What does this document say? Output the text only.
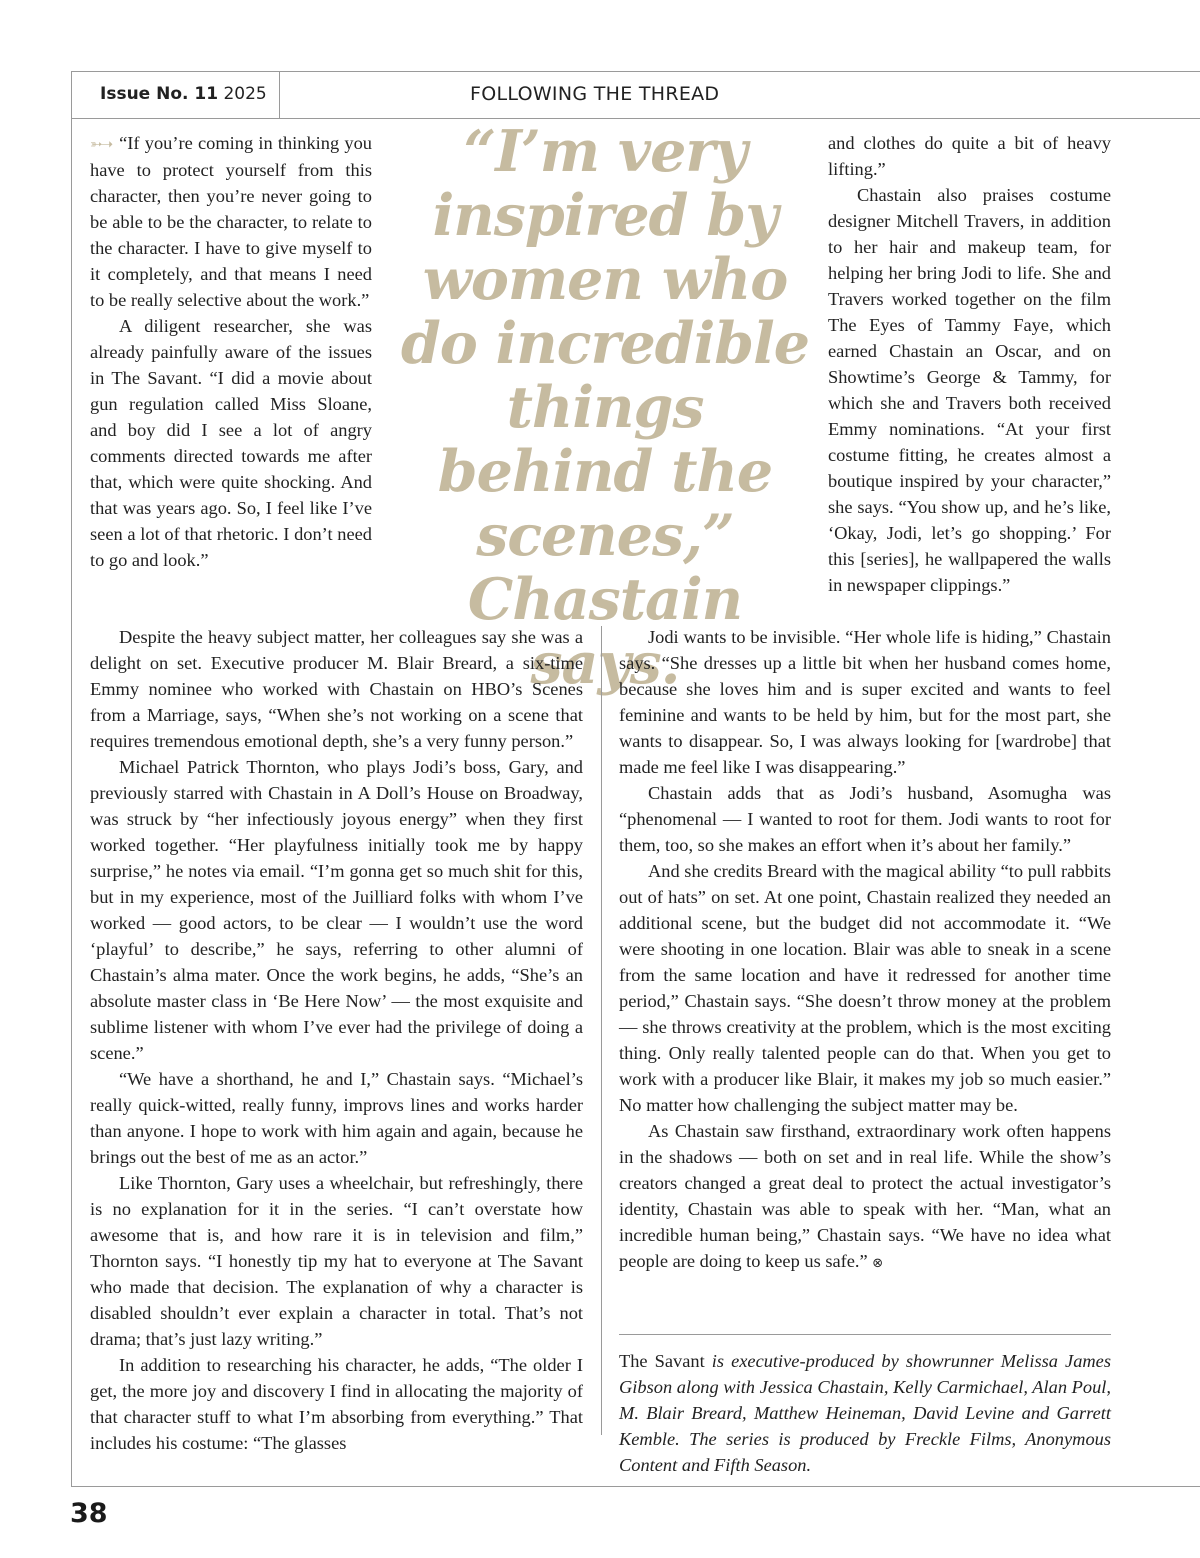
Issue No. 11 2025	FOLLOWING THE THREAD
“I’m very inspired by women who do incredible things behind the scenes,” Chastain says.

➳➝ “If you’re coming in thinking you have to protect yourself from this character, then you’re never going to be able to be the character, to relate to the character. I have to give myself to it completely, and that means I need to be really selective about the work.”

A diligent researcher, she was already painfully aware of the issues in The Savant. “I did a movie about gun regulation called Miss Sloane, and boy did I see a lot of angry comments directed towards me after that, which were quite shocking. And that was years ago. So, I feel like I’ve seen a lot of that rhetoric. I don’t need to go and look.”

and clothes do quite a bit of heavy lifting.”

Chastain also praises costume designer Mitchell Travers, in addition to her hair and makeup team, for helping her bring Jodi to life. She and Travers worked together on the film The Eyes of Tammy Faye, which earned Chastain an Oscar, and on Showtime’s George & Tammy, for which she and Travers both received Emmy nominations. “At your first costume fitting, he creates almost a boutique inspired by your character,” she says. “You show up, and he’s like, ‘Okay, Jodi, let’s go shopping.’ For this [series], he wallpapered the walls in newspaper clippings.”

Despite the heavy subject matter, her colleagues say she was a delight on set. Executive producer M. Blair Breard, a six-time Emmy nominee who worked with Chastain on HBO’s Scenes from a Marriage, says, “When she’s not working on a scene that requires tremendous emotional depth, she’s a very funny person.”

Michael Patrick Thornton, who plays Jodi’s boss, Gary, and previously starred with Chastain in A Doll’s House on Broadway, was struck by “her infectiously joyous energy” when they first worked together. “Her playfulness initially took me by happy surprise,” he notes via email. “I’m gonna get so much shit for this, but in my experience, most of the Juilliard folks with whom I’ve worked — good actors, to be clear — I wouldn’t use the word ‘playful’ to describe,” he says, referring to other alumni of Chastain’s alma mater. Once the work begins, he adds, “She’s an absolute master class in ‘Be Here Now’ — the most exquisite and sublime listener with whom I’ve ever had the privilege of doing a scene.”

“We have a shorthand, he and I,” Chastain says. “Michael’s really quick-witted, really funny, improvs lines and works harder than anyone. I hope to work with him again and again, because he brings out the best of me as an actor.”

Like Thornton, Gary uses a wheelchair, but refreshingly, there is no explanation for it in the series. “I can’t overstate how awesome that is, and how rare it is in television and film,” Thornton says. “I honestly tip my hat to everyone at The Savant who made that decision. The explanation of why a character is disabled shouldn’t ever explain a character in total. That’s not drama; that’s just lazy writing.”

In addition to researching his character, he adds, “The older I get, the more joy and discovery I find in allocating the majority of that character stuff to what I’m absorbing from everything.” That includes his costume: “The glasses

Jodi wants to be invisible. “Her whole life is hiding,” Chastain says. “She dresses up a little bit when her husband comes home, because she loves him and is super excited and wants to feel feminine and wants to be held by him, but for the most part, she wants to disappear. So, I was always looking for [wardrobe] that made me feel like I was disappearing.”

Chastain adds that as Jodi’s husband, Asomugha was “phenomenal — I wanted to root for them. Jodi wants to root for them, too, so she makes an effort when it’s about her family.”

And she credits Breard with the magical ability “to pull rabbits out of hats” on set. At one point, Chastain realized they needed an additional scene, but the budget did not accommodate it. “We were shooting in one location. Blair was able to sneak in a scene from the same location and have it redressed for another time period,” Chastain says. “She doesn’t throw money at the problem — she throws creativity at the problem, which is the most exciting thing. Only really talented people can do that. When you get to work with a producer like Blair, it makes my job so much easier.” No matter how challenging the subject matter may be.

As Chastain saw firsthand, extraordinary work often happens in the shadows — both on set and in real life. While the show’s creators changed a great deal to protect the actual investigator’s identity, Chastain was able to speak with her. “Man, what an incredible human being,” Chastain says. “We have no idea what people are doing to keep us safe.” ⊗

The Savant is executive-produced by showrunner Melissa James Gibson along with Jessica Chastain, Kelly Carmichael, Alan Poul, M. Blair Breard, Matthew Heineman, David Levine and Garrett Kemble. The series is produced by Freckle Films, Anonymous Content and Fifth Season.
38
